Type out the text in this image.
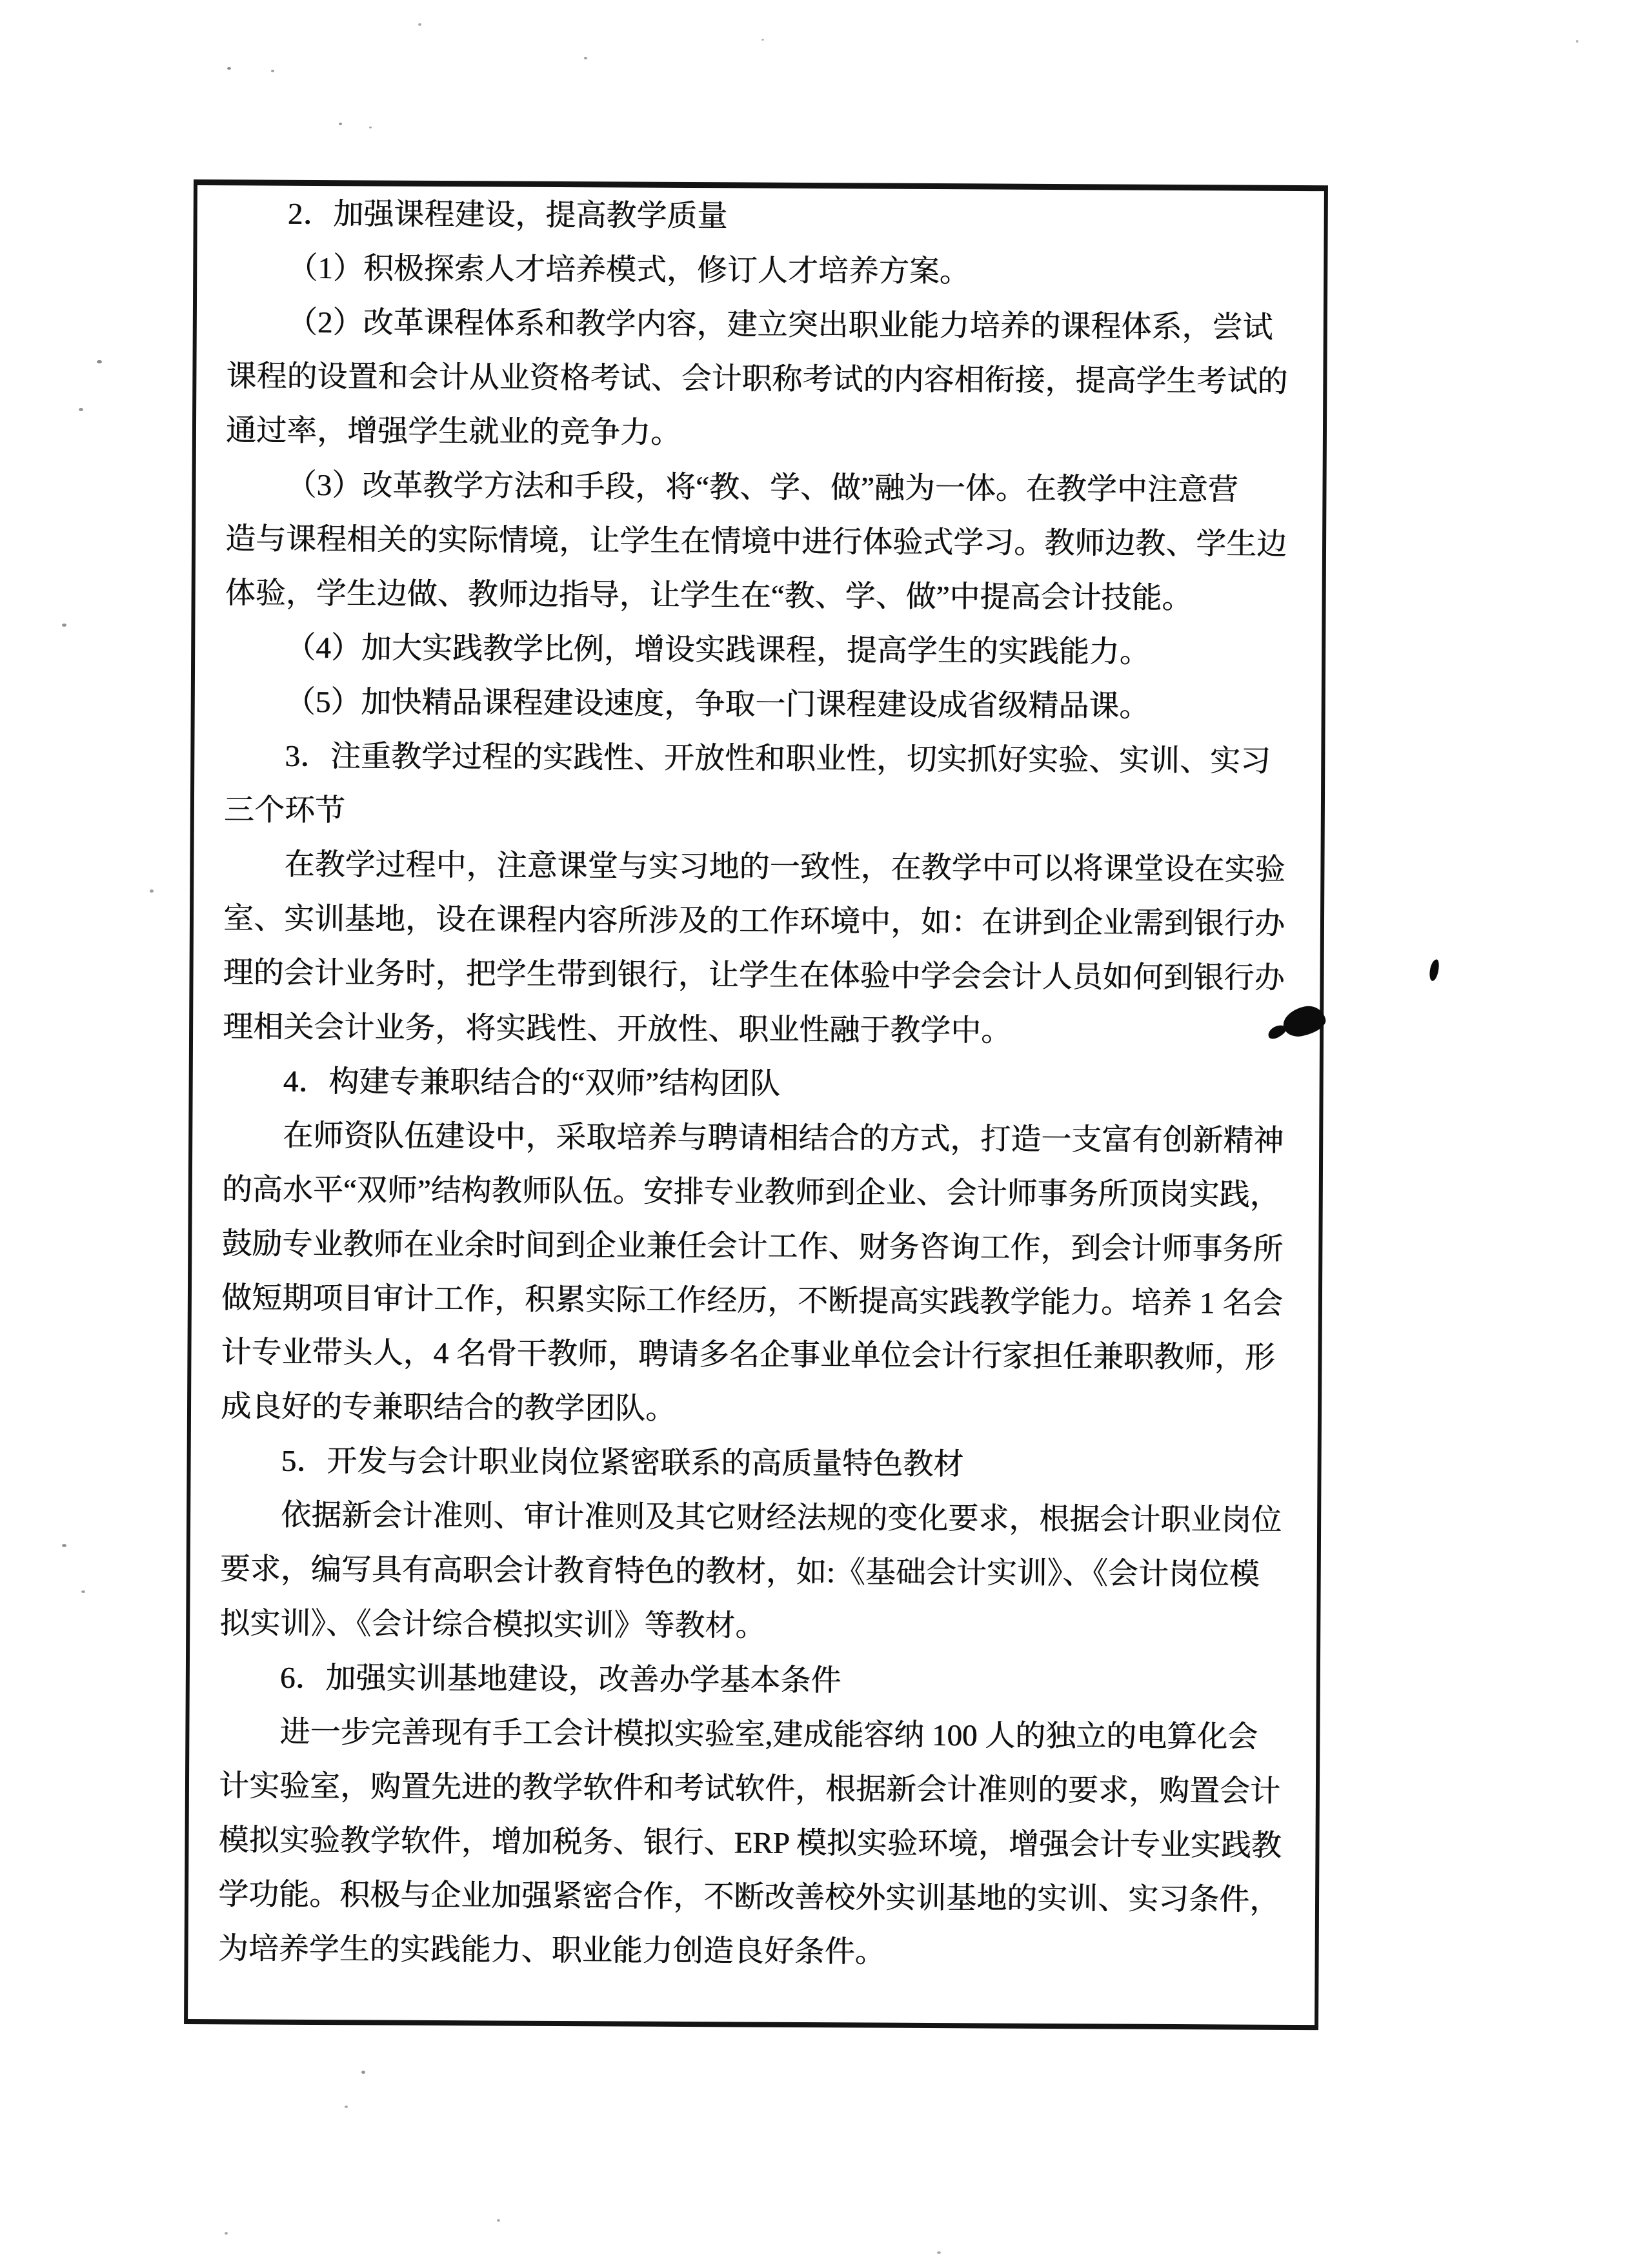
2．加强课程建设，提高教学质量
（1）积极探索人才培养模式，修订人才培养方案。
（2）改革课程体系和教学内容，建立突出职业能力培养的课程体系，尝试
课程的设置和会计从业资格考试、会计职称考试的内容相衔接，提高学生考试的
通过率，增强学生就业的竞争力。
（3）改革教学方法和手段，将“教、学、做”融为一体。在教学中注意营
造与课程相关的实际情境，让学生在情境中进行体验式学习。教师边教、学生边
体验，学生边做、教师边指导，让学生在“教、学、做”中提高会计技能。
（4）加大实践教学比例，增设实践课程，提高学生的实践能力。
（5）加快精品课程建设速度，争取一门课程建设成省级精品课。
3．注重教学过程的实践性、开放性和职业性，切实抓好实验、实训、实习
三个环节
在教学过程中，注意课堂与实习地的一致性，在教学中可以将课堂设在实验
室、实训基地，设在课程内容所涉及的工作环境中，如：在讲到企业需到银行办
理的会计业务时，把学生带到银行，让学生在体验中学会会计人员如何到银行办
理相关会计业务，将实践性、开放性、职业性融于教学中。
4．构建专兼职结合的“双师”结构团队
在师资队伍建设中，采取培养与聘请相结合的方式，打造一支富有创新精神
的高水平“双师”结构教师队伍。安排专业教师到企业、会计师事务所顶岗实践，
鼓励专业教师在业余时间到企业兼任会计工作、财务咨询工作，到会计师事务所
做短期项目审计工作，积累实际工作经历，不断提高实践教学能力。培养 1 名会
计专业带头人，4 名骨干教师，聘请多名企事业单位会计行家担任兼职教师，形
成良好的专兼职结合的教学团队。
5．开发与会计职业岗位紧密联系的高质量特色教材
依据新会计准则、审计准则及其它财经法规的变化要求，根据会计职业岗位
要求，编写具有高职会计教育特色的教材，如:《基础会计实训》、《会计岗位模
拟实训》、《会计综合模拟实训》等教材。
6．加强实训基地建设，改善办学基本条件
进一步完善现有手工会计模拟实验室,建成能容纳 100 人的独立的电算化会
计实验室，购置先进的教学软件和考试软件，根据新会计准则的要求，购置会计
模拟实验教学软件，增加税务、银行、ERP 模拟实验环境，增强会计专业实践教
学功能。积极与企业加强紧密合作，不断改善校外实训基地的实训、实习条件，
为培养学生的实践能力、职业能力创造良好条件。
